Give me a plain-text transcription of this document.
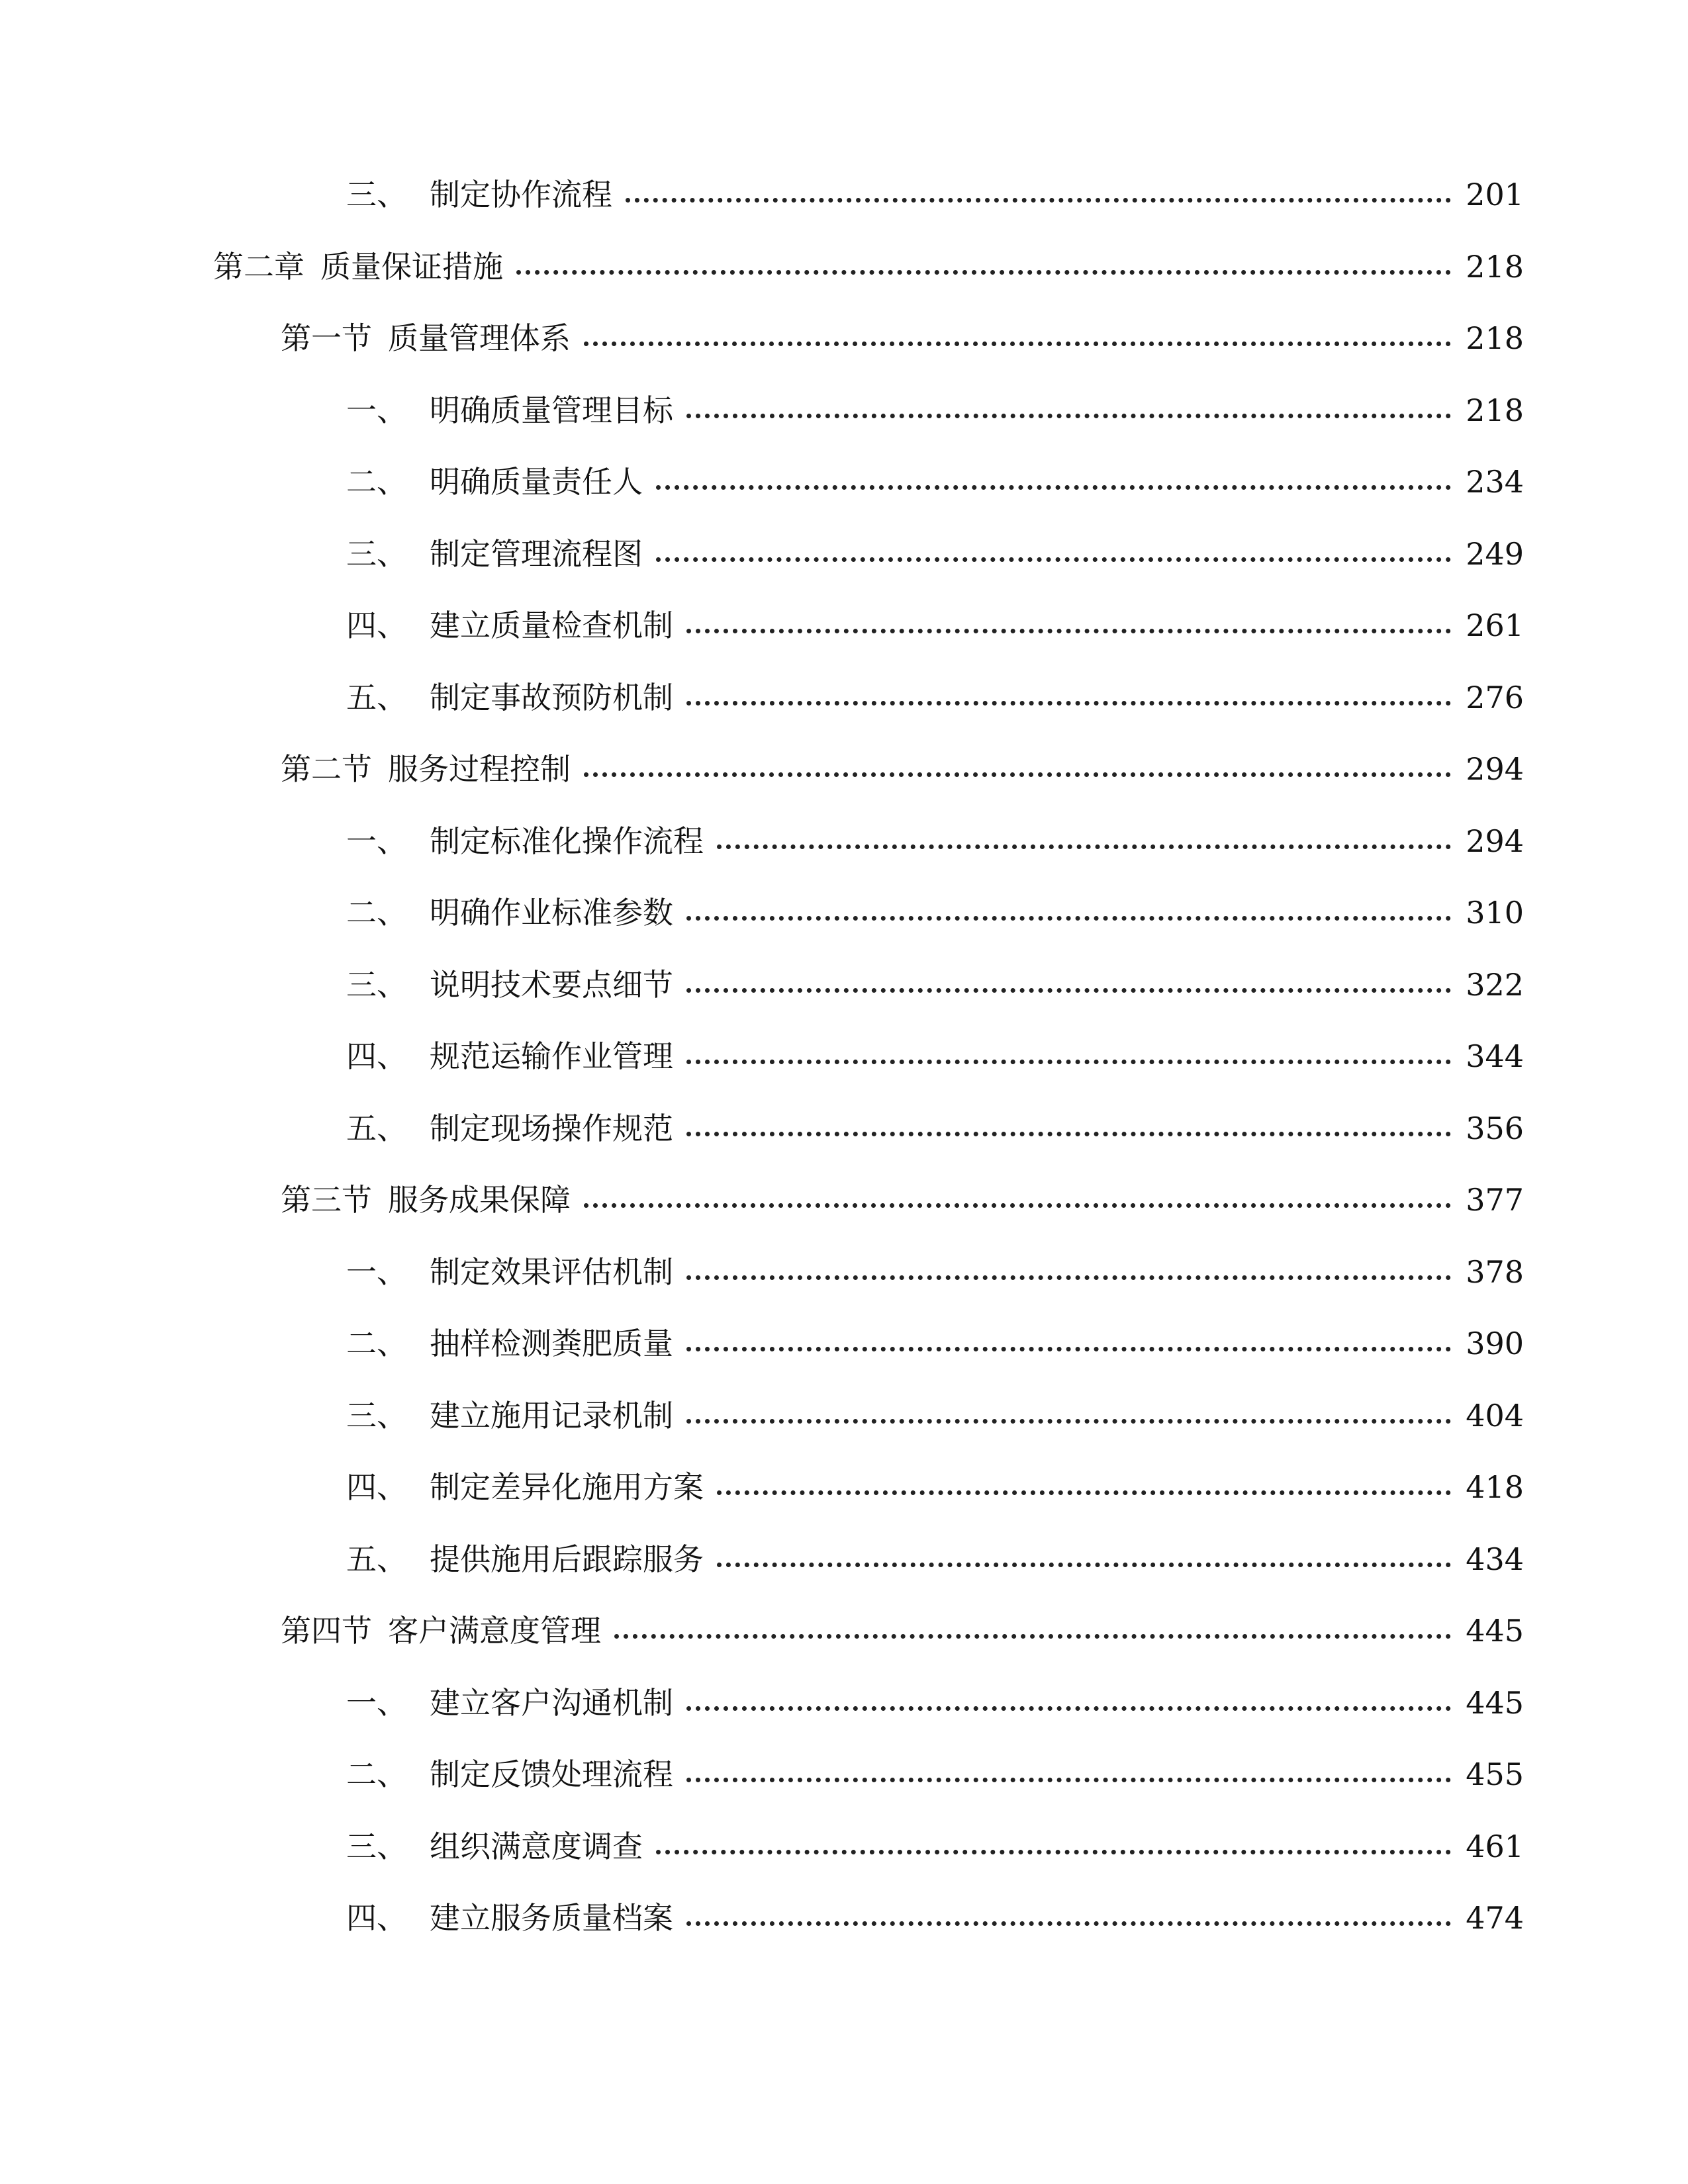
三、 制定协作流程	201
第二章 质量保证措施	218
第一节 质量管理体系	218
一、 明确质量管理目标	218
二、 明确质量责任人	234
三、 制定管理流程图	249
四、 建立质量检查机制	261
五、 制定事故预防机制	276
第二节 服务过程控制	294
一、 制定标准化操作流程	294
二、 明确作业标准参数	310
三、 说明技术要点细节	322
四、 规范运输作业管理	344
五、 制定现场操作规范	356
第三节 服务成果保障	377
一、 制定效果评估机制	378
二、 抽样检测粪肥质量	390
三、 建立施用记录机制	404
四、 制定差异化施用方案	418
五、 提供施用后跟踪服务	434
第四节 客户满意度管理	445
一、 建立客户沟通机制	445
二、 制定反馈处理流程	455
三、 组织满意度调查	461
四、 建立服务质量档案	474
